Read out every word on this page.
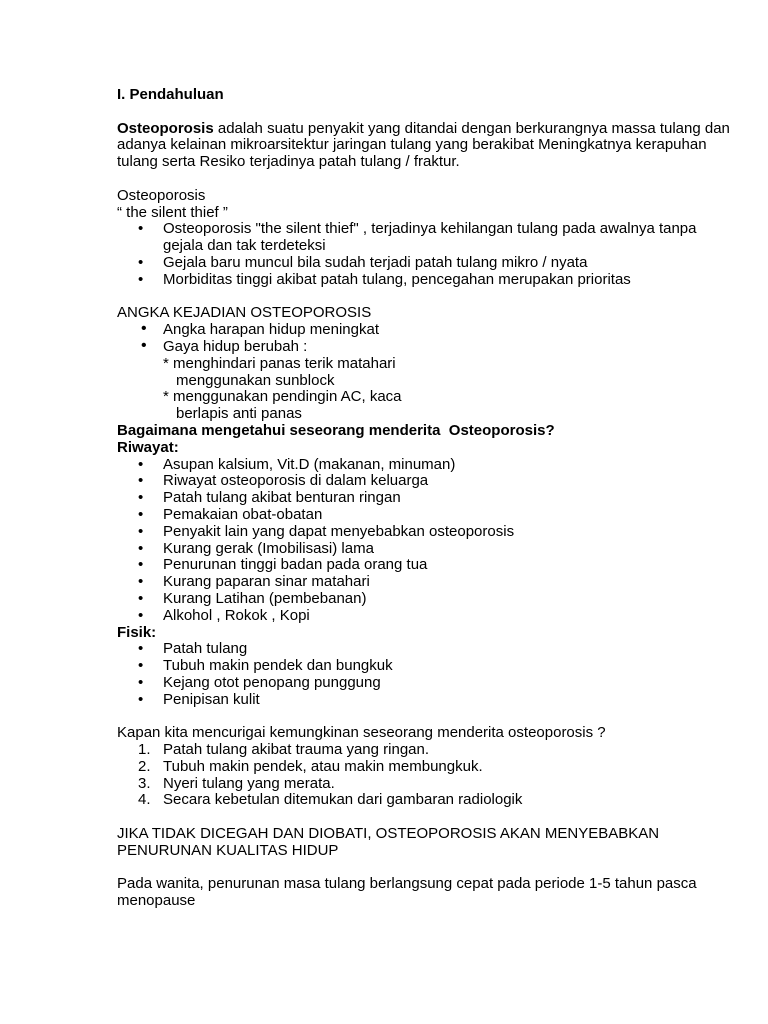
I. Pendahuluan

Osteoporosis adalah suatu penyakit yang ditandai dengan berkurangnya massa tulang dan adanya kelainan mikroarsitektur jaringan tulang yang berakibat Meningkatnya kerapuhan tulang serta Resiko terjadinya patah tulang / fraktur.

Osteoporosis

“ the silent thief ”

• Osteoporosis "the silent thief" , terjadinya kehilangan tulang pada awalnya tanpa gejala dan tak terdeteksi
• Gejala baru muncul bila sudah terjadi patah tulang mikro / nyata
• Morbiditas tinggi akibat patah tulang, pencegahan merupakan prioritas

ANGKA KEJADIAN OSTEOPOROSIS

• Angka harapan hidup meningkat
• Gaya hidup berubah :

* menghindari panas terik matahari

menggunakan sunblock

* menggunakan pendingin AC, kaca

berlapis anti panas

Bagaimana mengetahui seseorang menderita  Osteoporosis?

Riwayat:

• Asupan kalsium, Vit.D (makanan, minuman)
• Riwayat osteoporosis di dalam keluarga
• Patah tulang akibat benturan ringan
• Pemakaian obat-obatan
• Penyakit lain yang dapat menyebabkan osteoporosis
• Kurang gerak (Imobilisasi) lama
• Penurunan tinggi badan pada orang tua
• Kurang paparan sinar matahari
• Kurang Latihan (pembebanan)
• Alkohol , Rokok , Kopi

Fisik:

• Patah tulang
• Tubuh makin pendek dan bungkuk
• Kejang otot penopang punggung
• Penipisan kulit

Kapan kita mencurigai kemungkinan seseorang menderita osteoporosis ?

1. Patah tulang akibat trauma yang ringan.
2. Tubuh makin pendek, atau makin membungkuk.
3. Nyeri tulang yang merata.
4. Secara kebetulan ditemukan dari gambaran radiologik

JIKA TIDAK DICEGAH DAN DIOBATI, OSTEOPOROSIS AKAN MENYEBABKAN PENURUNAN KUALITAS HIDUP

Pada wanita, penurunan masa tulang berlangsung cepat pada periode 1-5 tahun pasca menopause
